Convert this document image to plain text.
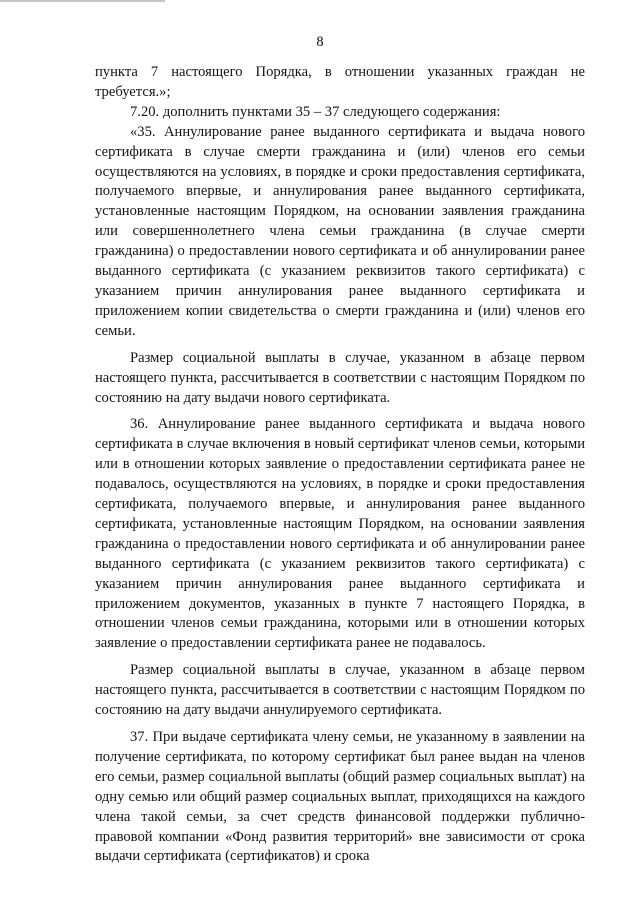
8

пункта 7 настоящего Порядка, в отношении указанных граждан не требуется.»;

7.20. дополнить пунктами 35 – 37 следующего содержания:

«35. Аннулирование ранее выданного сертификата и выдача нового сертификата в случае смерти гражданина и (или) членов его семьи осуществляются на условиях, в порядке и сроки предоставления сертификата, получаемого впервые, и аннулирования ранее выданного сертификата, установленные настоящим Порядком, на основании заявления гражданина или совершеннолетнего члена семьи гражданина (в случае смерти гражданина) о предоставлении нового сертификата и об аннулировании ранее выданного сертификата (с указанием реквизитов такого сертификата) с указанием причин аннулирования ранее выданного сертификата и приложением копии свидетельства о смерти гражданина и (или) членов его семьи.

Размер социальной выплаты в случае, указанном в абзаце первом настоящего пункта, рассчитывается в соответствии с настоящим Порядком по состоянию на дату выдачи нового сертификата.

36. Аннулирование ранее выданного сертификата и выдача нового сертификата в случае включения в новый сертификат членов семьи, которыми или в отношении которых заявление о предоставлении сертификата ранее не подавалось, осуществляются на условиях, в порядке и сроки предоставления сертификата, получаемого впервые, и аннулирования ранее выданного сертификата, установленные настоящим Порядком, на основании заявления гражданина о предоставлении нового сертификата и об аннулировании ранее выданного сертификата (с указанием реквизитов такого сертификата) с указанием причин аннулирования ранее выданного сертификата и приложением документов, указанных в пункте 7 настоящего Порядка, в отношении членов семьи гражданина, которыми или в отношении которых заявление о предоставлении сертификата ранее не подавалось.

Размер социальной выплаты в случае, указанном в абзаце первом настоящего пункта, рассчитывается в соответствии с настоящим Порядком по состоянию на дату выдачи аннулируемого сертификата.

37. При выдаче сертификата члену семьи, не указанному в заявлении на получение сертификата, по которому сертификат был ранее выдан на членов его семьи, размер социальной выплаты (общий размер социальных выплат) на одну семью или общий размер социальных выплат, приходящихся на каждого члена такой семьи, за счет средств финансовой поддержки публично-правовой компании «Фонд развития территорий» вне зависимости от срока выдачи сертификата (сертификатов) и срока
